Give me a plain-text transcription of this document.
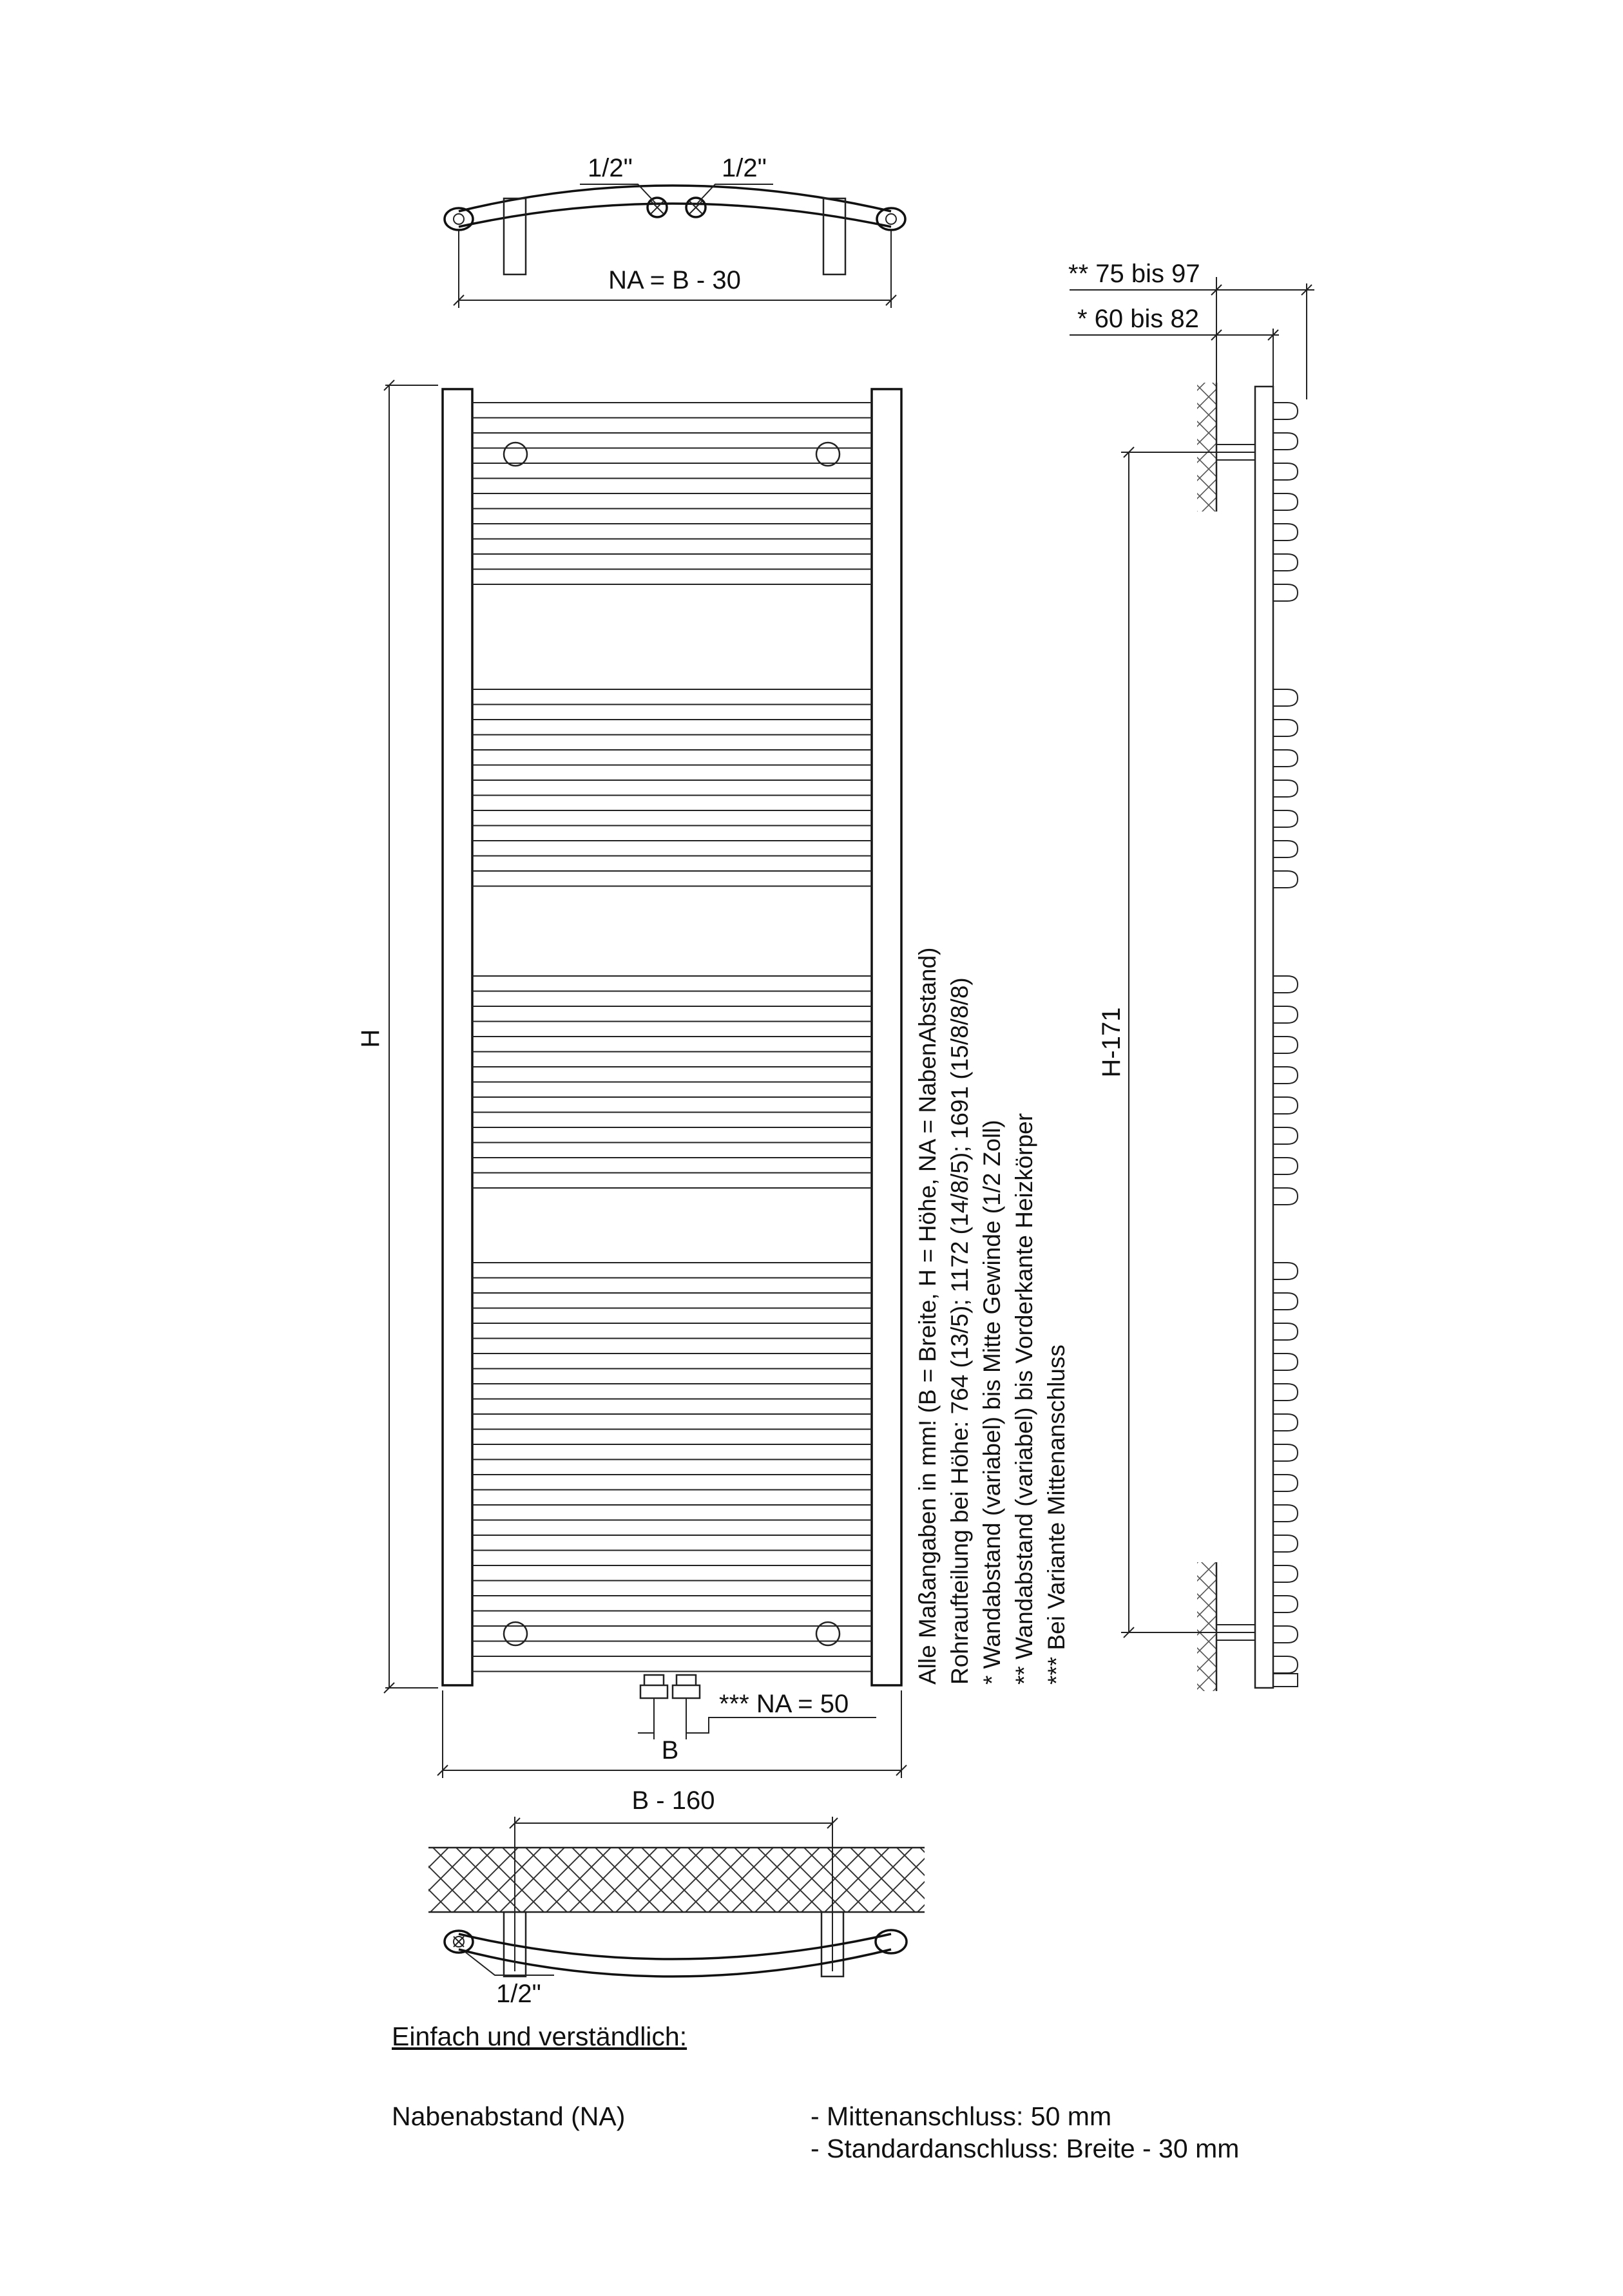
1/2"	1/2"
NA = B - 30
H
B
*** NA = 50
Alle Maßangaben in mm! (B = Breite, H = Höhe, NA = NabenAbstand) Rohraufteilung bei Höhe: 764 (13/5); 1172 (14/8/5); 1691 (15/8/8/8) * Wandabstand (variabel) bis Mitte Gewinde (1/2 Zoll) ** Wandabstand (variabel) bis Vorderkante Heizkörper *** Bei Variante Mittenanschluss
** 75 bis 97
* 60 bis 82
H-171
B - 160
1/2"
Einfach und verständlich:
Nabenabstand (NA)	- Mittenanschluss: 50 mm
- Standardanschluss: Breite - 30 mm
